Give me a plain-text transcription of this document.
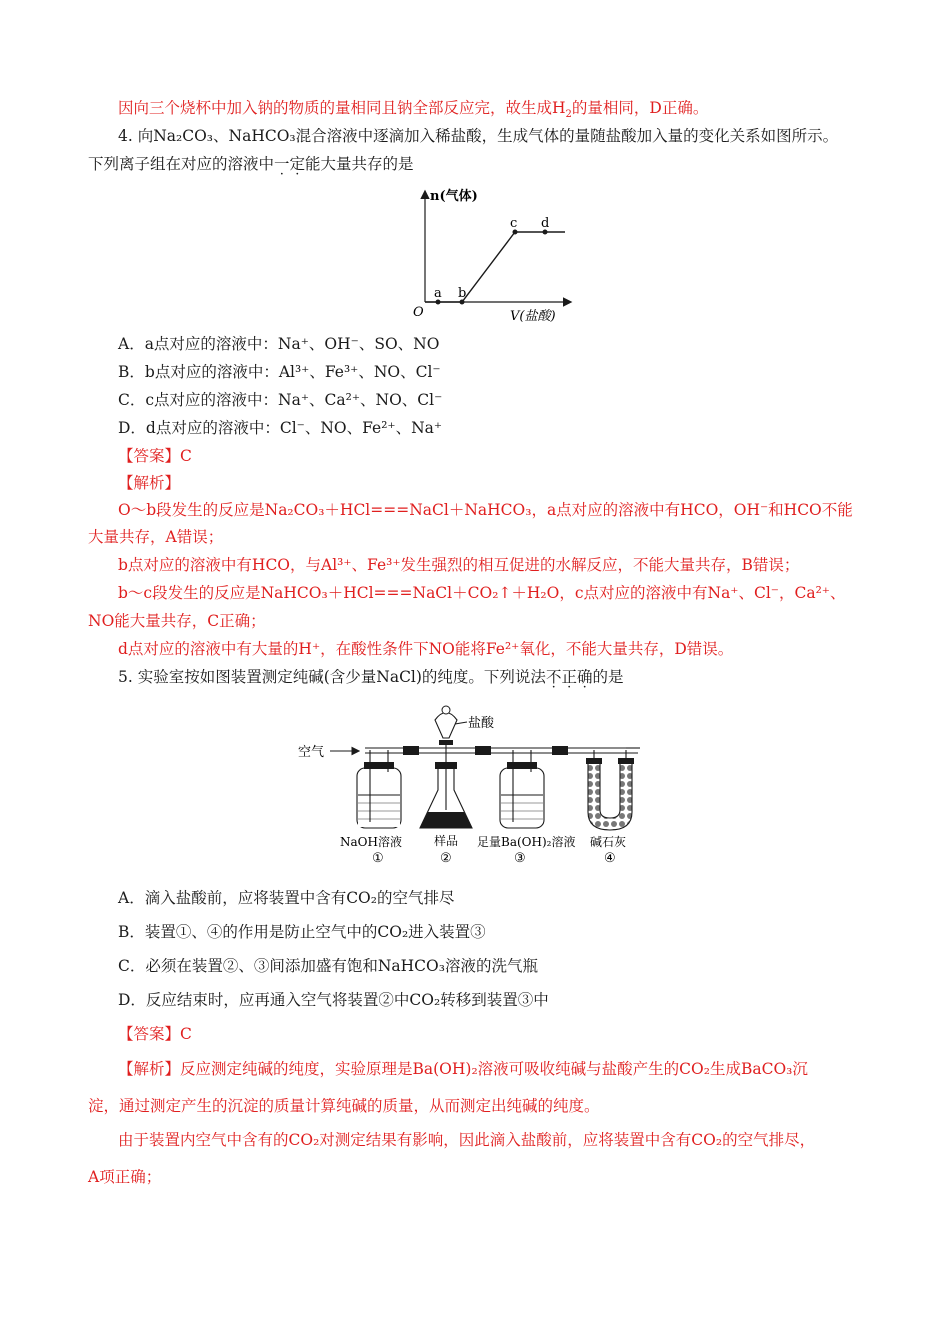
因向三个烧杯中加入钠的物质的量相同且钠全部反应完，故生成$H_2$的量相同，D正确。
4. 向Na₂CO₃、NaHCO₃混合溶液中逐滴加入稀盐酸，生成气体的量随盐酸加入量的变化关系如图所示。
下列离子组在对应的溶液中一定能大量共存的是
n(气体)
V(盐酸)
O
a b
c d
A．a点对应的溶液中：Na⁺、OH⁻、SO、NO
B．b点对应的溶液中：Al³⁺、Fe³⁺、NO、Cl⁻
C．c点对应的溶液中：Na⁺、Ca²⁺、NO、Cl⁻
D．d点对应的溶液中：Cl⁻、NO、Fe²⁺、Na⁺
【答案】C
【解析】
O～b段发生的反应是Na₂CO₃＋HCl===NaCl＋NaHCO₃，a点对应的溶液中有HCO，OH⁻和HCO不能
大量共存，A错误；
b点对应的溶液中有HCO，与Al³⁺、Fe³⁺发生强烈的相互促进的水解反应，不能大量共存，B错误；
b～c段发生的反应是NaHCO₃＋HCl===NaCl＋CO₂↑＋H₂O，c点对应的溶液中有Na⁺、Cl⁻，Ca²⁺、
NO能大量共存，C正确；
d点对应的溶液中有大量的H⁺，在酸性条件下NO能将Fe²⁺氧化，不能大量共存，D错误。
5. 实验室按如图装置测定纯碱(含少量NaCl)的纯度。下列说法不正确的是
空气
盐酸
NaOH溶液	样品 足量Ba(OH)₂溶液 碱石灰
①	②	③	④
A．滴入盐酸前，应将装置中含有CO₂的空气排尽
B．装置①、④的作用是防止空气中的CO₂进入装置③
C．必须在装置②、③间添加盛有饱和NaHCO₃溶液的洗气瓶
D．反应结束时，应再通入空气将装置②中CO₂转移到装置③中
【答案】C
【解析】反应测定纯碱的纯度，实验原理是Ba(OH)₂溶液可吸收纯碱与盐酸产生的CO₂生成BaCO₃沉
淀，通过测定产生的沉淀的质量计算纯碱的质量，从而测定出纯碱的纯度。
由于装置内空气中含有的CO₂对测定结果有影响，因此滴入盐酸前，应将装置中含有CO₂的空气排尽，
A项正确；
